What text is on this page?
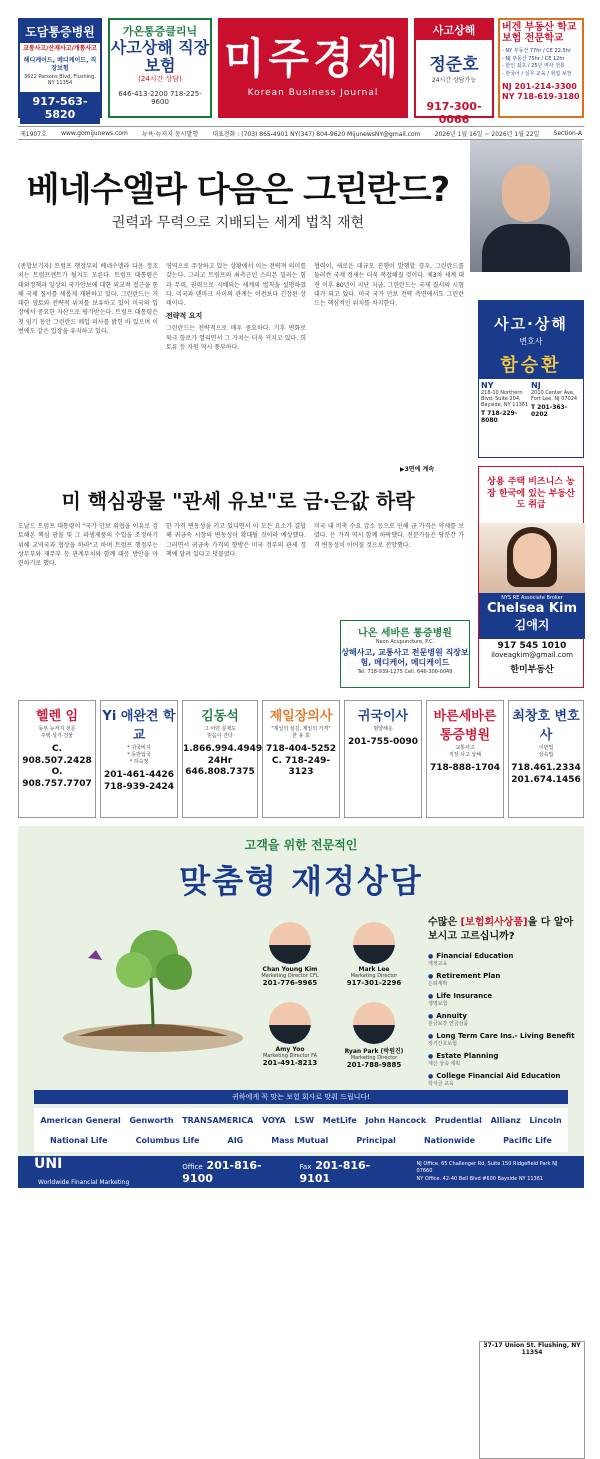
도담통증병원
교통사고/산재사고/개통사고
헤디케어드, 메디케이드, 직장보험
3622 Parsons Blvd, Flushing, NY 11354
917-563-5820
가온통증클리닉
사고상해 직장보험
(24시간 상담)
646-413-2200 718-225-9600
미주경제
Korean Business Journal
사고상해
정준호
24시간 상담가능
917-300-0066
버겐 부동산 학교 보험 전문학교
- NY 부동산 77hr / CE 22.5hr
- NJ 부동산 75hr / CE 12hr
- 한인 최초 / 25년 역사 전통
- 한국어 / 실무 교육 / 취업 보장
NJ 201-214-3300
NY 718-619-3180
제1907호 www.gomijunews.com 뉴욕·뉴저지 동시발행 대표전화 : (703) 865-4901 NY(347) 804-9620 MijunewsNY@gmail.com 2026년 1월 16일 ~ 2026년 1월 22일 Section-A
베네수엘라 다음은 그린란드?
권력과 무력으로 지배되는 세계 법칙 재현

(종합보기자) 트럼프 행정부의 베네수엘라 다음 정조치는 트럼프센트가 될지도 모른다. 트럼프 대통령은 대외정책과 일상의 국가안보에 대한 외교적 접근을 통해 국제 질서를 새롭게 재편하고 있다. 그린란드는 거대한 영토와 전략적 위치를 보유하고 있어 미국의 입장에서 중요한 자산으로 평가받는다. 트럼프 대통령은 첫 임기 동안 그린란드 매입 의사를 밝힌 바 있으며 이번에도 같은 입장을 유지하고 있다.

영역으로 주장하고 있는 상황에서 이는 전략적 의미를 갖는다. 그러고 트럼프의 최측근인 스티븐 밀러는 힘과 무력, 권력으로 지배되는 세계의 법칙을 설명하였다. 미국과 덴마크 사이의 관계는 이전보다 긴장된 상태이다.

전략적 요지

그린란드는 전략적으로 매우 중요하다. 기후 변화로 북극 항로가 열리면서 그 가치는 더욱 커지고 있다. 희토류 등 자원 역시 풍부하다.

협력이, 새로운 대규모 진행이 발행할 경우, 그린란드를 둘러싼 국제 정세는 더욱 복잡해질 것이다. 제3차 세계 대전 이후 80년이 지난 지금, 그린란드는 국제 질서의 시험대가 되고 있다. 미국 국가 안보 전략 측면에서도 그린란드는 핵심적인 위치를 차지한다.

▶3면에 계속
사고·상해
변호사
함승환
NY
218-10 Northern Blvd, Suite 204, Bayside, NY 11361
T 718-229-8080
NJ
2010 Center Ave, Fort Lee, NJ 07024
T 201-363-0202
미 핵심광물 "관세 유보"로 금·은값 하락

도날드 트럼프 대통령이 "국가 안보 위협을 이유로 검토해온 핵심 광물 및 그 파생제품의 수입을 조정하기 위해 교역국과 협상을 하라"고 하며 트럼프 행정부는 상무부와 재무부 등 관계부처와 함께 대응 방안을 마련하기로 했다.

한 가격 변동성을 키고 있다면서 이 모든 요소가 결합해 귀금속 시장의 변동성이 확대될 것이라 예상했다. 그러면서 귀금속 가격의 향방은 미국 정부의 관세 정책에 달려 있다고 덧붙였다.

미국 내 비축 수요 감소 등으로 인해 금 가격은 약세를 보였다. 은 가격 역시 함께 하락했다. 전문가들은 당분간 가격 변동성이 이어질 것으로 전망했다.

나온 세바른 통증병원
Naon Acupuncture, P.C.
상해사고, 교통사고 전문병원 직장보험, 메디케어, 메디케이드
Tel. 718-939-1275 Cell. 646-300-0049
상용 주택 비즈니스 농장 한국에 있는 부동산도 취급
NYS RE Associate Broker
Chelsea Kim
김애지
917 545 1010
iloveagkim@gmail.com
한미부동산
37-17 Union St. Flushing, NY 11354
헬렌 임
동부 뉴저지 전문
주택·상가·건물
C. 908.507.2428
O. 908.757.7707
Yi 애완견 학교
* 귀국비자
* 동반입국
* 하숙정
201-461-4426
718-939-2424
김동석
그 어떤 문제도
믿음이 간다
1.866.994.4949
24Hr 646.808.7375
제일장의사
"제일의 섬김, 제일의 가격"
한 용 희
718-404-5252
C. 718-249-3123
귀국이사
범양해운
201-755-0090
바른세바른 통증병원
교통사고
직장 사고 상해
718-888-1704
최창호 변호사
이민법
상속법
718.461.2334
201.674.1456
고객을 위한 전문적인
맞춤형 재정상담
Chan Young Kim
Marketing Director CFL
201-776-9965
Mark Lee
Marketing Director
917-301-2296
Amy Yoo
Marketing Director FA
201-491-8213
Ryan Park (박원진)
Marketing Director
201-788-9885
수많은 [보험회사상품]을 다 알아보시고 고르십니까?
● Financial Education
재정교육
● Retirement Plan
은퇴계획
● Life Insurance
생명보험
● Annuity
원금보장 연금상품
● Long Term Care Ins.- Living Benefit
장기간호보험
● Estate Planning
재산 상속 계획
● College Financial Aid Education
학자금 교육
귀하에게 꼭 맞는 보험 회사로 맞춰 드립니다!
American General	Genworth	TRANSAMERICA	VOYA	LSW	MetLife	John Hancock	Prudential	Allianz	Lincoln
National Life	Columbus Life	AIG	Mass Mutual	Principal	Nationwide	Pacific Life
UNIWorldwide Financial Marketing
Office 201-816-9100
Fax 201-816-9101
NJ Office. 65 Challenger Rd, Suite 150 Ridgefield Park NJ 07660
NY Office. 42-40 Bell Blvd #600 Bayside NY 11361
